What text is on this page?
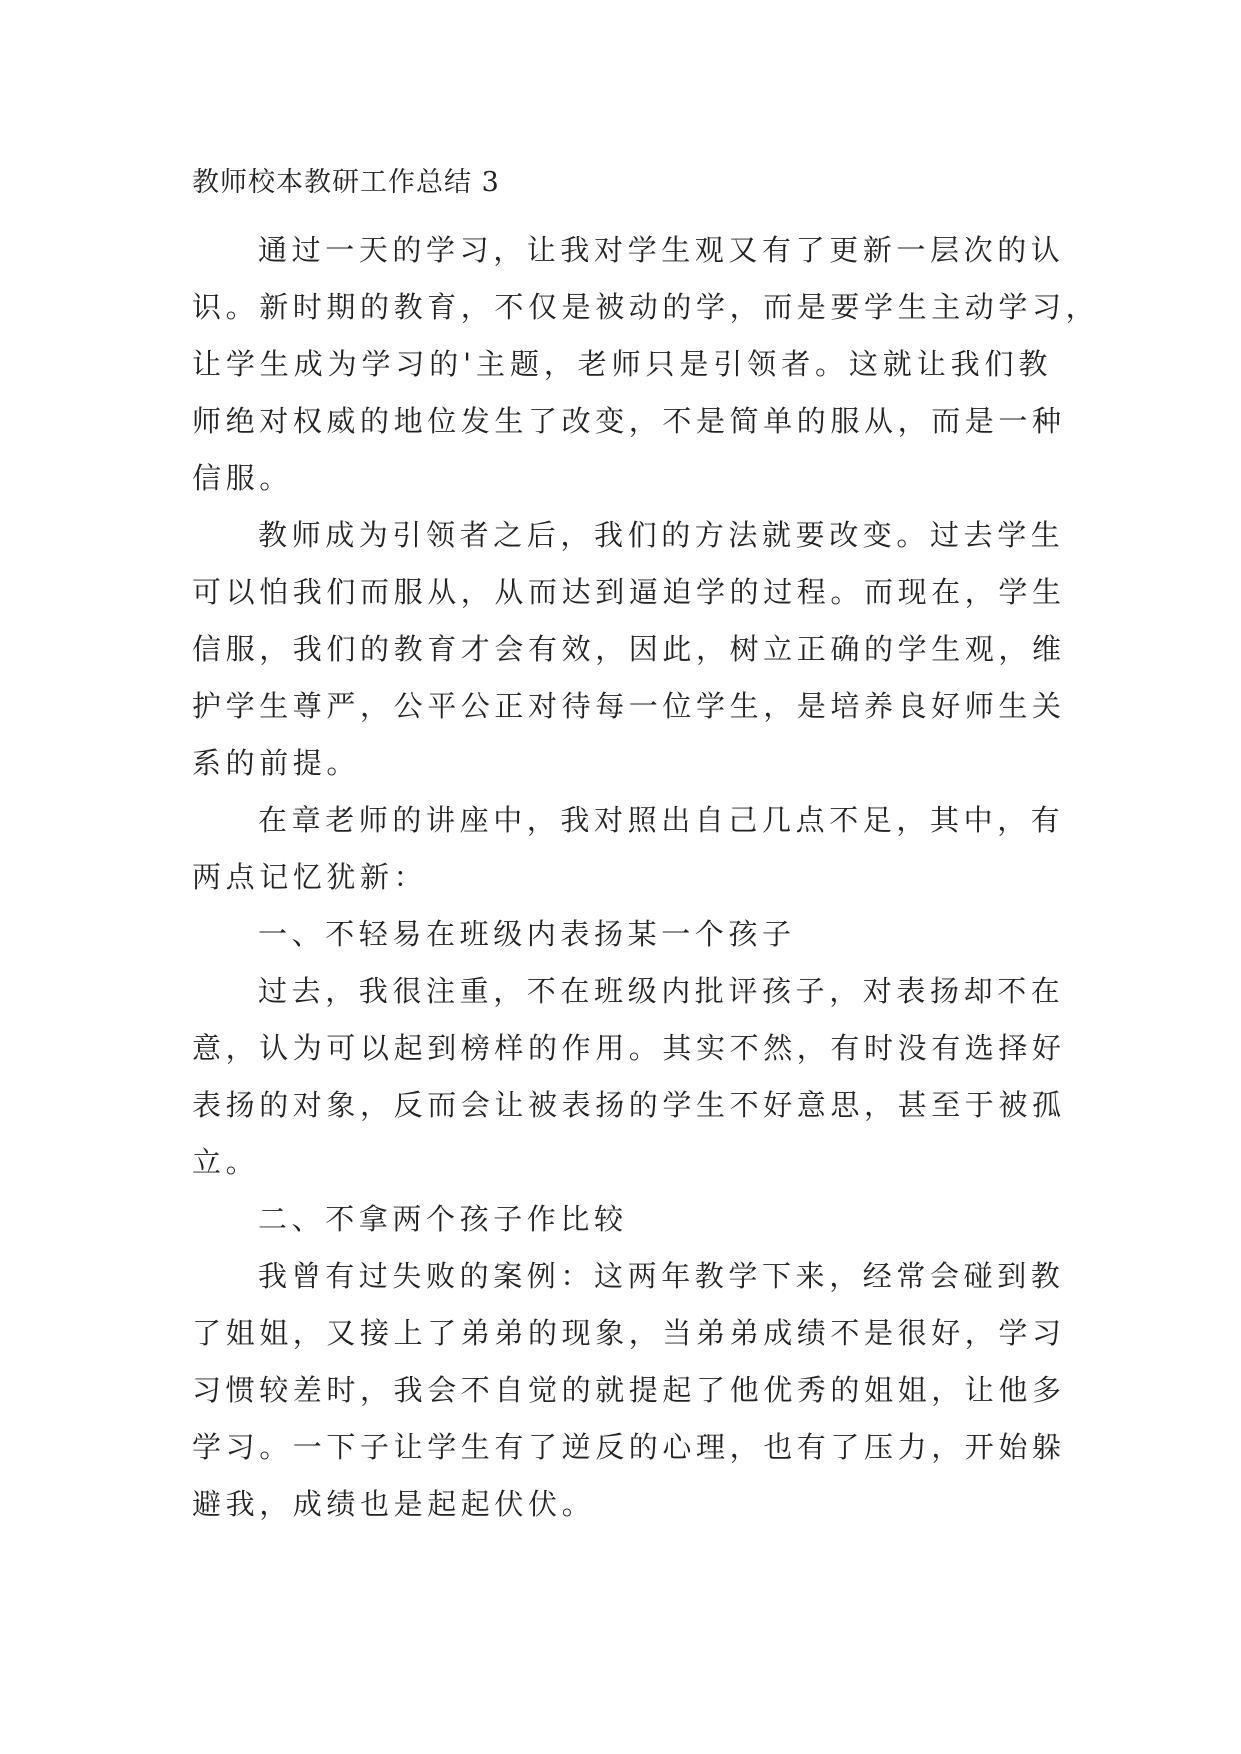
教师校本教研工作总结 3

通过一天的学习，让我对学生观又有了更新一层次的认
识。新时期的教育，不仅是被动的学，而是要学生主动学习，
让学生成为学习的'主题，老师只是引领者。这就让我们教
师绝对权威的地位发生了改变，不是简单的服从，而是一种
信服。

教师成为引领者之后，我们的方法就要改变。过去学生
可以怕我们而服从，从而达到逼迫学的过程。而现在，学生
信服，我们的教育才会有效，因此，树立正确的学生观，维
护学生尊严，公平公正对待每一位学生，是培养良好师生关
系的前提。

在章老师的讲座中，我对照出自己几点不足，其中，有
两点记忆犹新：

一、不轻易在班级内表扬某一个孩子

过去，我很注重，不在班级内批评孩子，对表扬却不在
意，认为可以起到榜样的作用。其实不然，有时没有选择好
表扬的对象，反而会让被表扬的学生不好意思，甚至于被孤
立。

二、不拿两个孩子作比较

我曾有过失败的案例：这两年教学下来，经常会碰到教
了姐姐，又接上了弟弟的现象，当弟弟成绩不是很好，学习
习惯较差时，我会不自觉的就提起了他优秀的姐姐，让他多
学习。一下子让学生有了逆反的心理，也有了压力，开始躲
避我，成绩也是起起伏伏。
